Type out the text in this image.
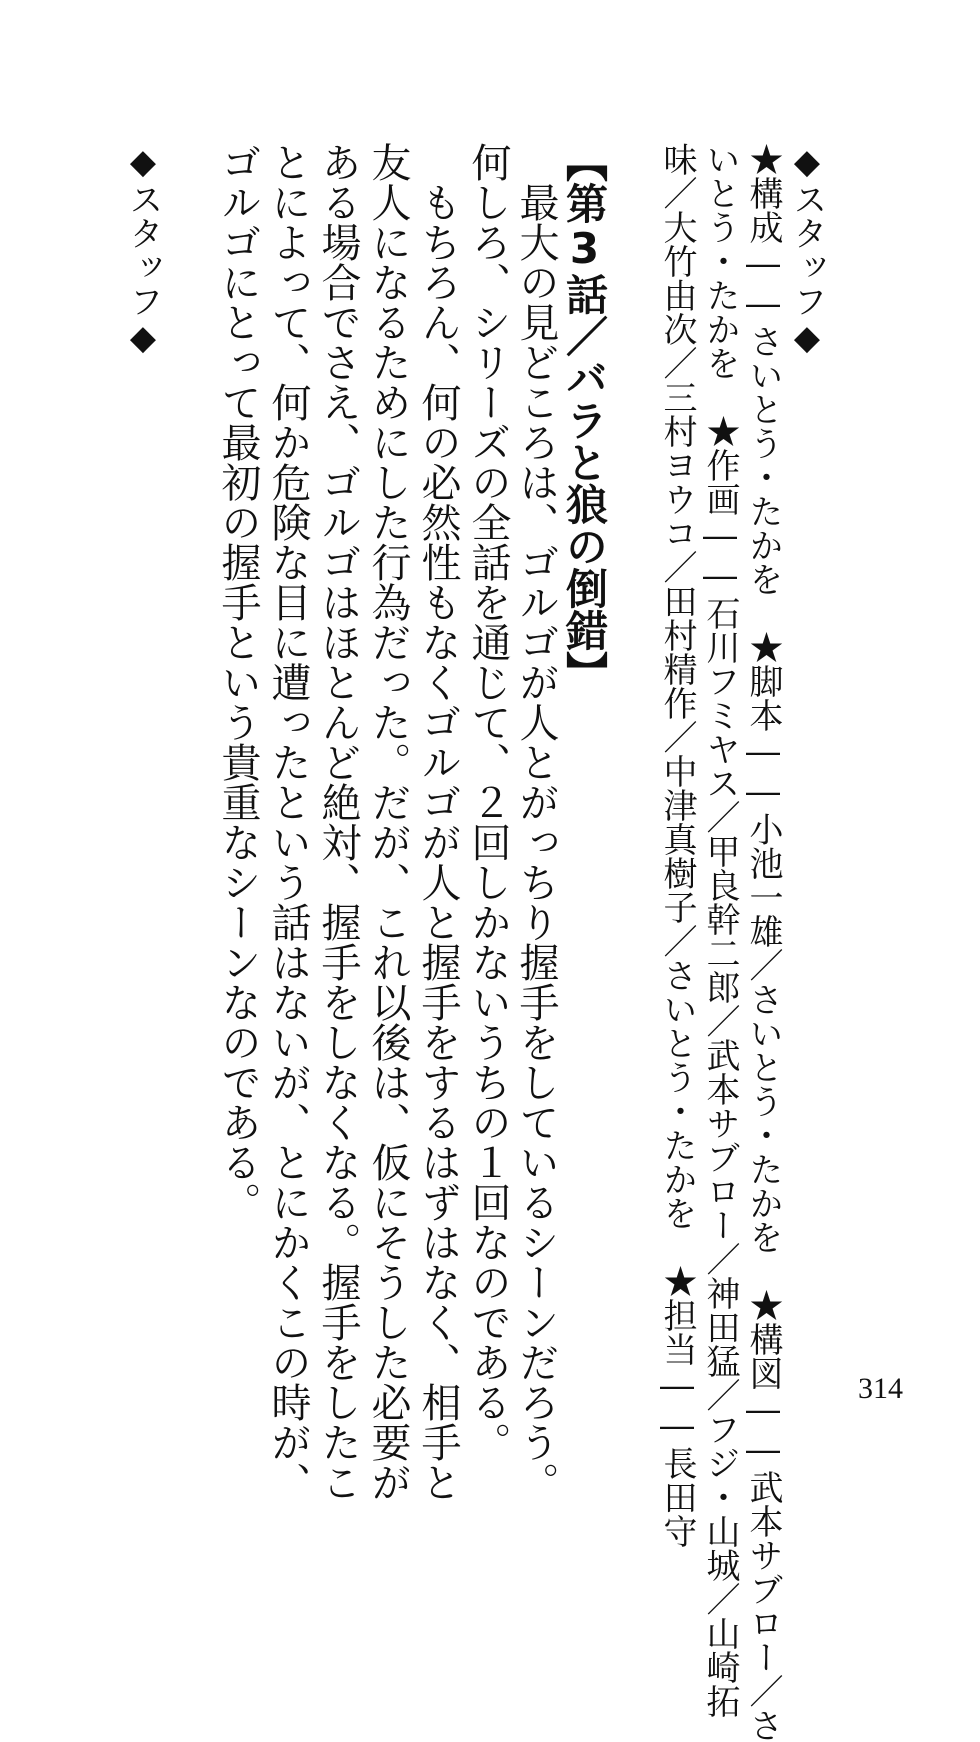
◆スタッフ◆
★構成――さいとう・たかを　★脚本――小池一雄／さいとう・たかを　★構図――武本サブロー／さ
いとう・たかを　★作画――石川フミヤス／甲良幹二郎／武本サブロー／神田猛／フジ・山城／山崎拓
味／大竹由次／三村ヨウコ／田村精作／中津真樹子／さいとう・たかを　★担当――長田守
【第3話／バラと狼の倒錯】
　最大の見どころは、ゴルゴが人とがっちり握手をしているシーンだろう。
何しろ、シリーズの全話を通じて、２回しかないうちの１回なのである。
　もちろん、何の必然性もなくゴルゴが人と握手をするはずはなく、相手と
友人になるためにした行為だった。だが、これ以後は、仮にそうした必要が
ある場合でさえ、ゴルゴはほとんど絶対、握手をしなくなる。握手をしたこ
とによって、何か危険な目に遭ったという話はないが、とにかくこの時が、
ゴルゴにとって最初の握手という貴重なシーンなのである。
◆スタッフ◆
314
